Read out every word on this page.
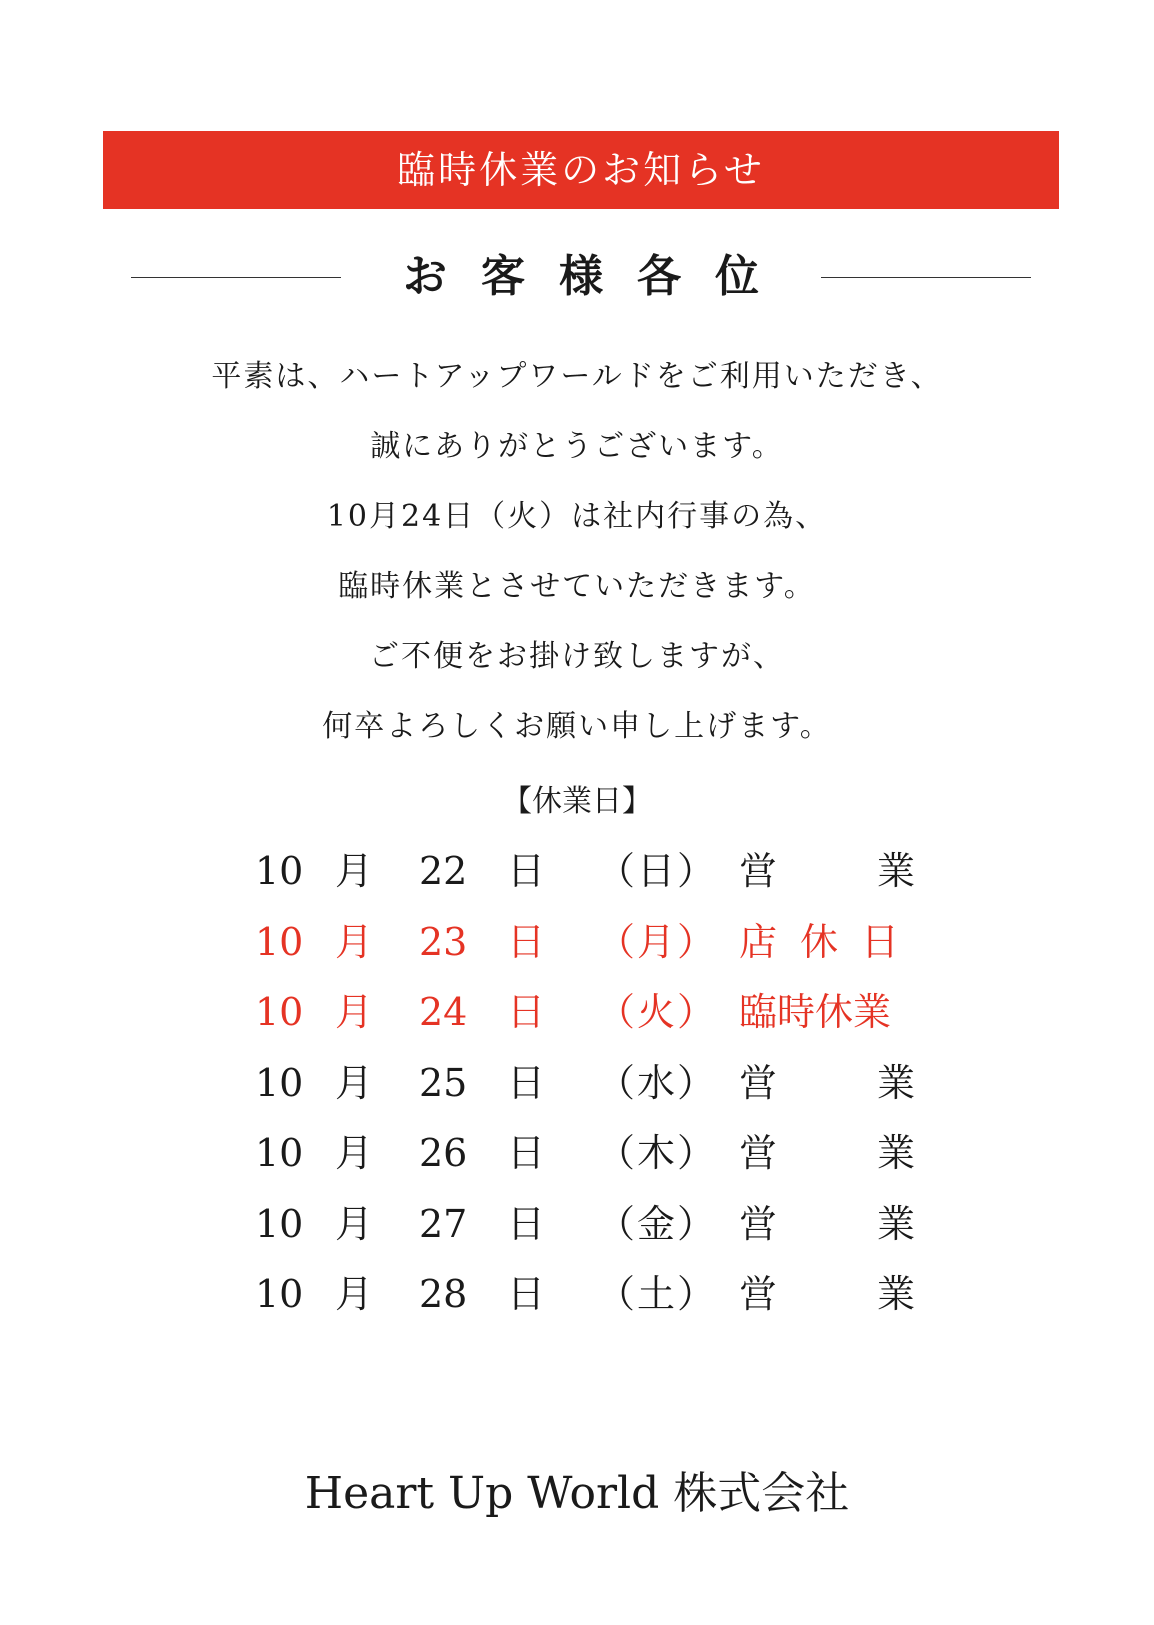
臨時休業のお知らせ
お客様各位
平素は、ハートアップワールドをご利用いただき、
誠にありがとうございます。
10月24日（火）は社内行事の為、
臨時休業とさせていただきます。
ご不便をお掛け致しますが、
何卒よろしくお願い申し上げます。
【休業日】
10 月 22 日 （日） 営	業
10 月 23 日 （月） 店 休 日
10 月 24 日 （火） 臨時休業
10 月 25 日 （水） 営	業
10 月 26 日 （木） 営	業
10 月 27 日 （金） 営	業
10 月 28 日 （土） 営	業
Heart Up World 株式会社
